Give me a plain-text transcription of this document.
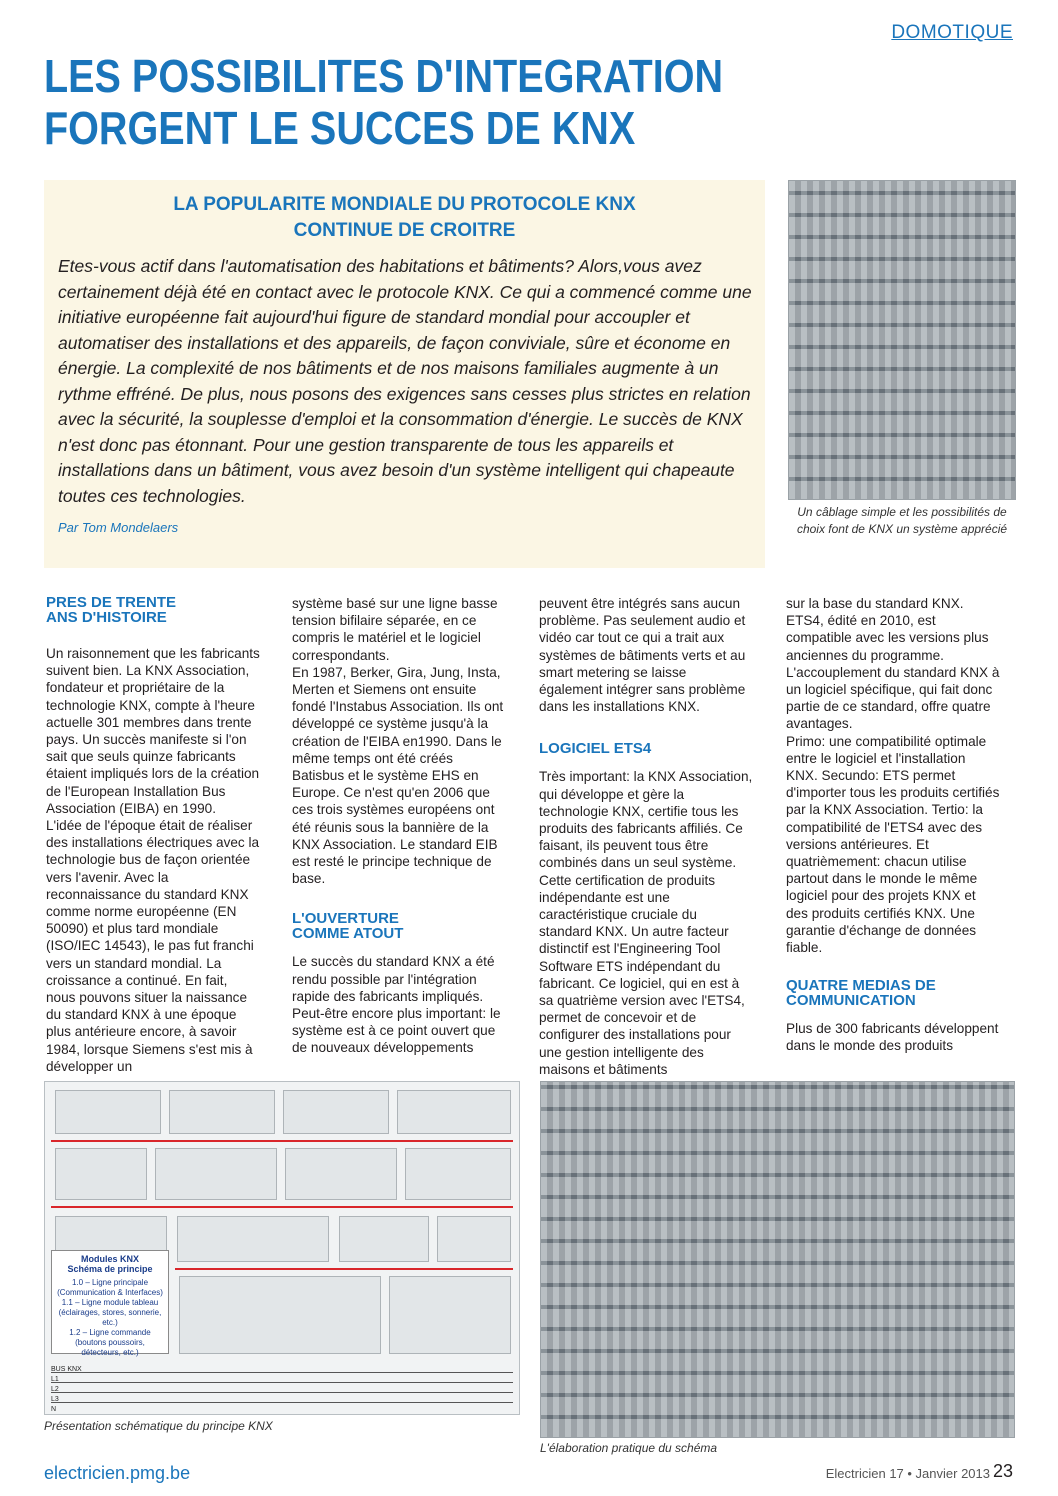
DOMOTIQUE
LES POSSIBILITES D'INTEGRATION
FORGENT LE SUCCES DE KNX
LA POPULARITE MONDIALE DU PROTOCOLE KNX
CONTINUE DE CROITRE

Etes-vous actif dans l'automatisation des habitations et bâtiments? Alors,vous avez certainement déjà été en contact avec le protocole KNX. Ce qui a commencé comme une initiative européenne fait aujourd'hui figure de standard mondial pour accoupler et automatiser des installations et des appareils, de façon conviviale, sûre et économe en énergie. La complexité de nos bâtiments et de nos maisons familiales augmente à un rythme effréné. De plus, nous posons des exigences sans cesses plus strictes en relation avec la sécurité, la souplesse d'emploi et la consommation d'énergie. Le succès de KNX n'est donc pas étonnant. Pour une gestion transparente de tous les appareils et installations dans un bâtiment, vous avez besoin d'un système intelligent qui chapeaute toutes ces technologies.

Par Tom Mondelaers

Un câblage simple et les possibilités de choix font de KNX un système apprécié

PRES DE TRENTE
ANS D'HISTOIRE

Un raisonnement que les fabricants suivent bien. La KNX Association, fondateur et propriétaire de la technologie KNX, compte à l'heure actuelle 301 membres dans trente pays. Un succès manifeste si l'on sait que seuls quinze fabricants étaient impliqués lors de la création de l'European Installation Bus Association (EIBA) en 1990.

L'idée de l'époque était de réaliser des installations électriques avec la technologie bus de façon orientée vers l'avenir. Avec la reconnaissance du standard KNX comme norme européenne (EN 50090) et plus tard mondiale (ISO/IEC 14543), le pas fut franchi vers un standard mondial. La croissance a continué. En fait, nous pouvons situer la naissance du standard KNX à une époque plus antérieure encore, à savoir 1984, lorsque Siemens s'est mis à développer un

système basé sur une ligne basse tension bifilaire séparée, en ce compris le matériel et le logiciel correspondants.

En 1987, Berker, Gira, Jung, Insta, Merten et Siemens ont ensuite fondé l'Instabus Association. Ils ont développé ce système jusqu'à la création de l'EIBA en1990. Dans le même temps ont été créés Batisbus et le système EHS en Europe. Ce n'est qu'en 2006 que ces trois systèmes européens ont été réunis sous la bannière de la KNX Association. Le standard EIB est resté le principe technique de base.

L'OUVERTURE
COMME ATOUT

Le succès du standard KNX a été rendu possible par l'intégration rapide des fabricants impliqués. Peut-être encore plus important: le système est à ce point ouvert que de nouveaux développements

peuvent être intégrés sans aucun problème. Pas seulement audio et vidéo car tout ce qui a trait aux systèmes de bâtiments verts et au smart metering se laisse également intégrer sans problème dans les installations KNX.

LOGICIEL ETS4

Très important: la KNX Association, qui développe et gère la technologie KNX, certifie tous les produits des fabricants affiliés. Ce faisant, ils peuvent tous être combinés dans un seul système.

Cette certification de produits indépendante est une caractéristique cruciale du standard KNX. Un autre facteur distinctif est l'Engineering Tool Software ETS indépendant du fabricant. Ce logiciel, qui en est à sa quatrième version avec l'ETS4, permet de concevoir et de configurer des installations pour une gestion intelligente des maisons et bâtiments

sur la base du standard KNX. ETS4, édité en 2010, est compatible avec les versions plus anciennes du programme. L'accouplement du standard KNX à un logiciel spécifique, qui fait donc partie de ce standard, offre quatre avantages.

Primo: une compatibilité optimale entre le logiciel et l'installation KNX. Secundo: ETS permet d'importer tous les produits certifiés par la KNX Association. Tertio: la compatibilité de l'ETS4 avec des versions antérieures. Et quatrièmement: chacun utilise partout dans le monde le même logiciel pour des projets KNX et des produits certifiés KNX. Une garantie d'échange de données fiable.

QUATRE MEDIAS DE
COMMUNICATION

Plus de 300 fabricants développent dans le monde des produits

Modules KNX
Schéma de principe
1.0 – Ligne principale
(Communication & Interfaces)
1.1 – Ligne module tableau
(éclairages, stores, sonnerie, etc.)
1.2 – Ligne commande
(boutons poussoirs, détecteurs, etc.)
BUS KNX
L1
L2
L3
N

Présentation schématique du principe KNX

L'élaboration pratique du schéma

electricien.pmg.be	Electricien 17 • Janvier 2013 23
